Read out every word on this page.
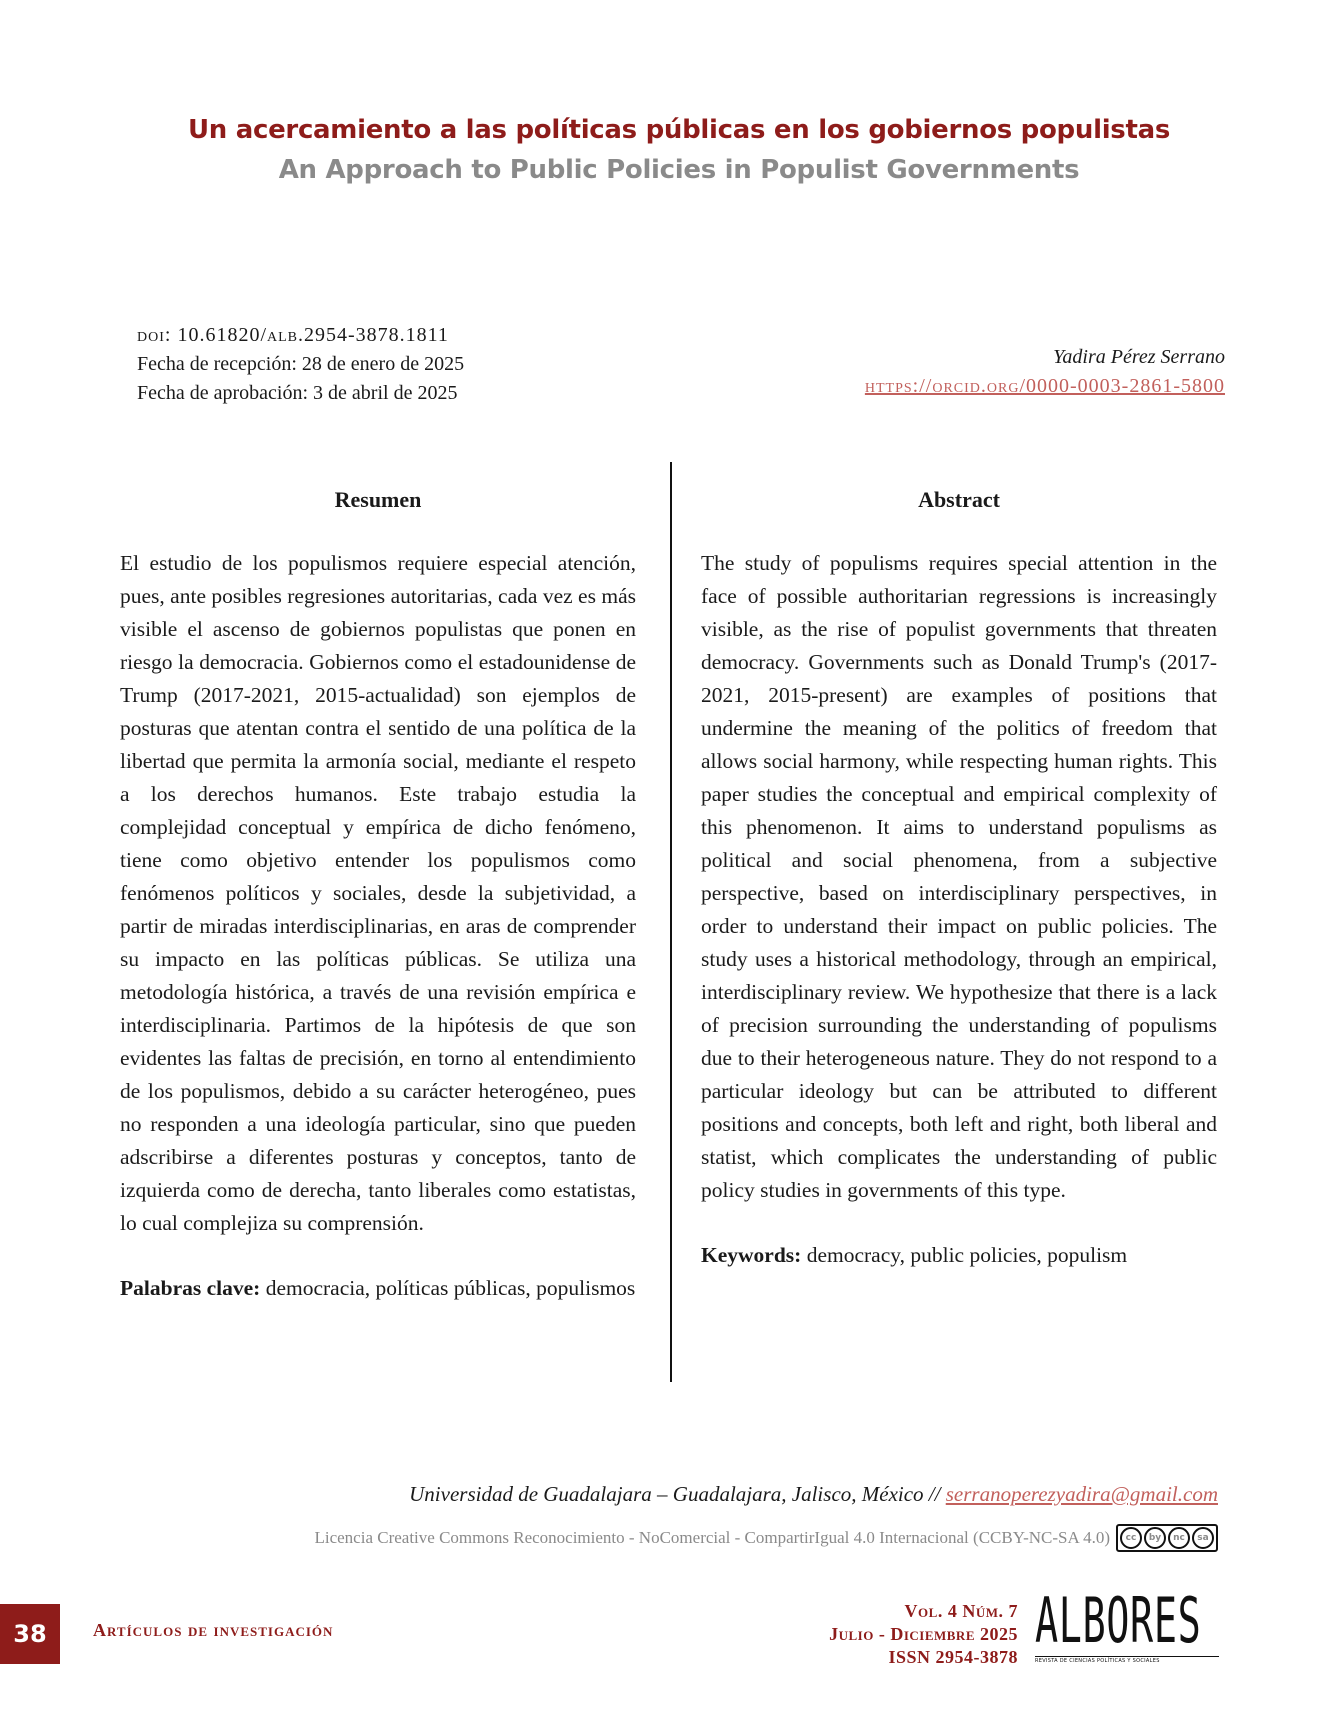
Un acercamiento a las políticas públicas en los gobiernos populistas
An Approach to Public Policies in Populist Governments
doi: 10.61820/alb.2954-3878.1811
Fecha de recepción: 28 de enero de 2025
Fecha de aprobación: 3 de abril de 2025
Yadira Pérez Serrano
https://orcid.org/0000-0003-2861-5800
Resumen

El estudio de los populismos requiere especial atención, pues, ante posibles regresiones autoritarias, cada vez es más visible el ascenso de gobiernos populistas que ponen en riesgo la democracia. Gobiernos como el estadounidense de Trump (2017-2021, 2015-actualidad) son ejemplos de posturas que atentan contra el sentido de una política de la libertad que permita la armonía social, mediante el respeto a los derechos humanos. Este trabajo estudia la complejidad conceptual y empírica de dicho fenómeno, tiene como objetivo entender los populismos como fenómenos políticos y sociales, desde la subjetividad, a partir de miradas interdisciplinarias, en aras de comprender su impacto en las políticas públicas. Se utiliza una metodología histórica, a través de una revisión empírica e interdisciplinaria. Partimos de la hipótesis de que son evidentes las faltas de precisión, en torno al entendimiento de los populismos, debido a su carácter heterogéneo, pues no responden a una ideología particular, sino que pueden adscribirse a diferentes posturas y conceptos, tanto de izquierda como de derecha, tanto liberales como estatistas, lo cual complejiza su comprensión.

Palabras clave: democracia, políticas públicas, populismos

Abstract

The study of populisms requires special attention in the face of possible authoritarian regressions is increasingly visible, as the rise of populist governments that threaten democracy. Governments such as Donald Trump's (2017-2021, 2015-present) are examples of positions that undermine the meaning of the politics of freedom that allows social harmony, while respecting human rights. This paper studies the conceptual and empirical complexity of this phenomenon. It aims to understand populisms as political and social phenomena, from a subjective perspective, based on interdisciplinary perspectives, in order to understand their impact on public policies. The study uses a historical methodology, through an empirical, interdisciplinary review. We hypothesize that there is a lack of precision surrounding the understanding of populisms due to their heterogeneous nature. They do not respond to a particular ideology but can be attributed to different positions and concepts, both left and right, both liberal and statist, which complicates the understanding of public policy studies in governments of this type.

Keywords: democracy, public policies, populism

Universidad de Guadalajara – Guadalajara, Jalisco, México // serranoperezyadira@gmail.com
Licencia Creative Commons Reconocimiento - NoComercial - CompartirIgual 4.0 Internacional (CCBY-NC-SA 4.0)	cc	by	nc	sa
38	Artículos de investigación
Vol. 4 Núm. 7
Julio - Diciembre 2025
ISSN 2954-3878 ALBORES
REVISTA DE CIENCIAS POLÍTICAS Y SOCIALES
